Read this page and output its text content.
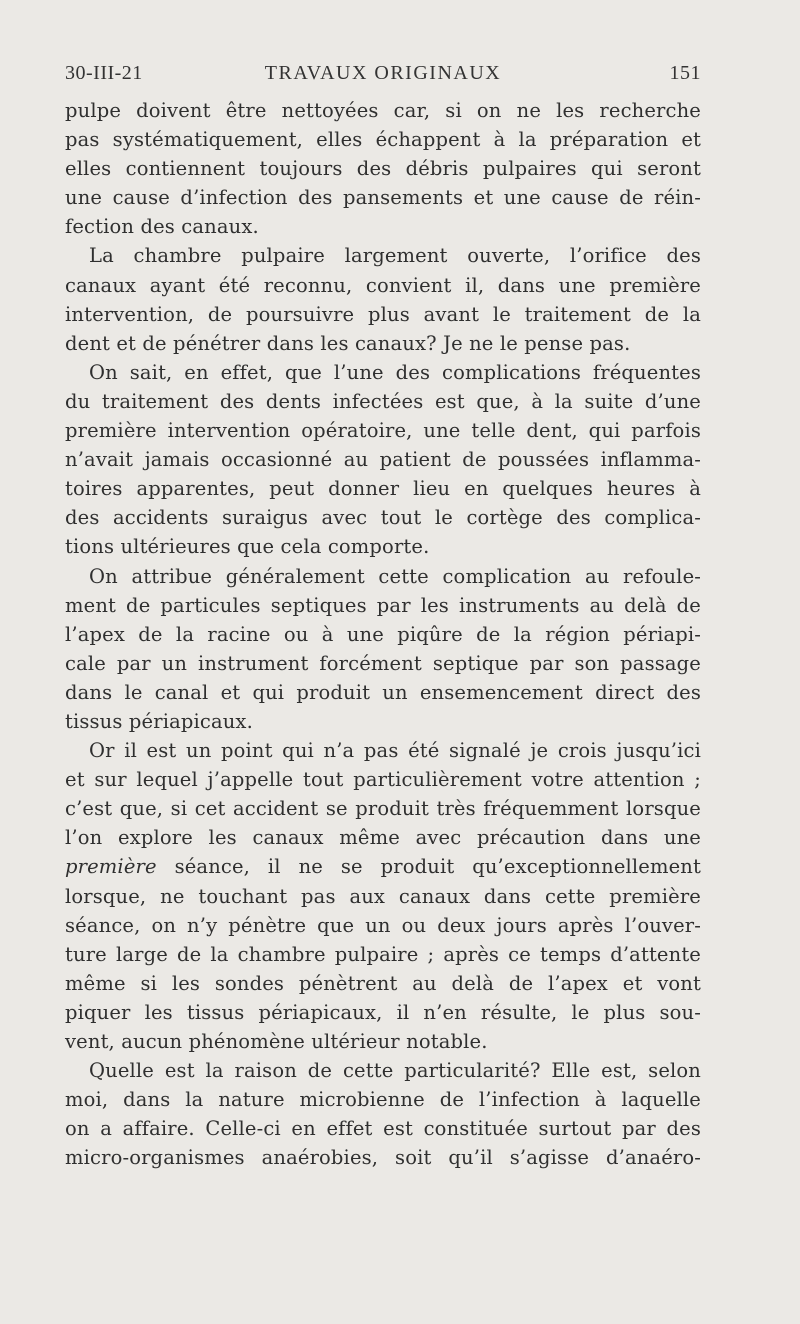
30-III-21	TRAVAUX ORIGINAUX	151
pulpe doivent être nettoyées car, si on ne les recherche
pas systématiquement, elles échappent à la préparation et
elles contiennent toujours des débris pulpaires qui seront
une cause d’infection des pansements et une cause de réin-
fection des canaux.
La chambre pulpaire largement ouverte, l’orifice des
canaux ayant été reconnu, convient il, dans une première
intervention, de poursuivre plus avant le traitement de la
dent et de pénétrer dans les canaux? Je ne le pense pas.
On sait, en effet, que l’une des complications fréquentes
du traitement des dents infectées est que, à la suite d’une
première intervention opératoire, une telle dent, qui parfois
n’avait jamais occasionné au patient de poussées inflamma-
toires apparentes, peut donner lieu en quelques heures à
des accidents suraigus avec tout le cortège des complica-
tions ultérieures que cela comporte.
On attribue généralement cette complication au refoule-
ment de particules septiques par les instruments au delà de
l’apex de la racine ou à une piqûre de la région périapi-
cale par un instrument forcément septique par son passage
dans le canal et qui produit un ensemencement direct des
tissus périapicaux.
Or il est un point qui n’a pas été signalé je crois jusqu’ici
et sur lequel j’appelle tout particulièrement votre attention ;
c’est que, si cet accident se produit très fréquemment lorsque
l’on explore les canaux même avec précaution dans une
première séance, il ne se produit qu’exceptionnellement
lorsque, ne touchant pas aux canaux dans cette première
séance, on n’y pénètre que un ou deux jours après l’ouver-
ture large de la chambre pulpaire ; après ce temps d’attente
même si les sondes pénètrent au delà de l’apex et vont
piquer les tissus périapicaux, il n’en résulte, le plus sou-
vent, aucun phénomène ultérieur notable.
Quelle est la raison de cette particularité? Elle est, selon
moi, dans la nature microbienne de l’infection à laquelle
on a affaire. Celle-ci en effet est constituée surtout par des
micro-organismes anaérobies, soit qu’il s’agisse d’anaéro-
